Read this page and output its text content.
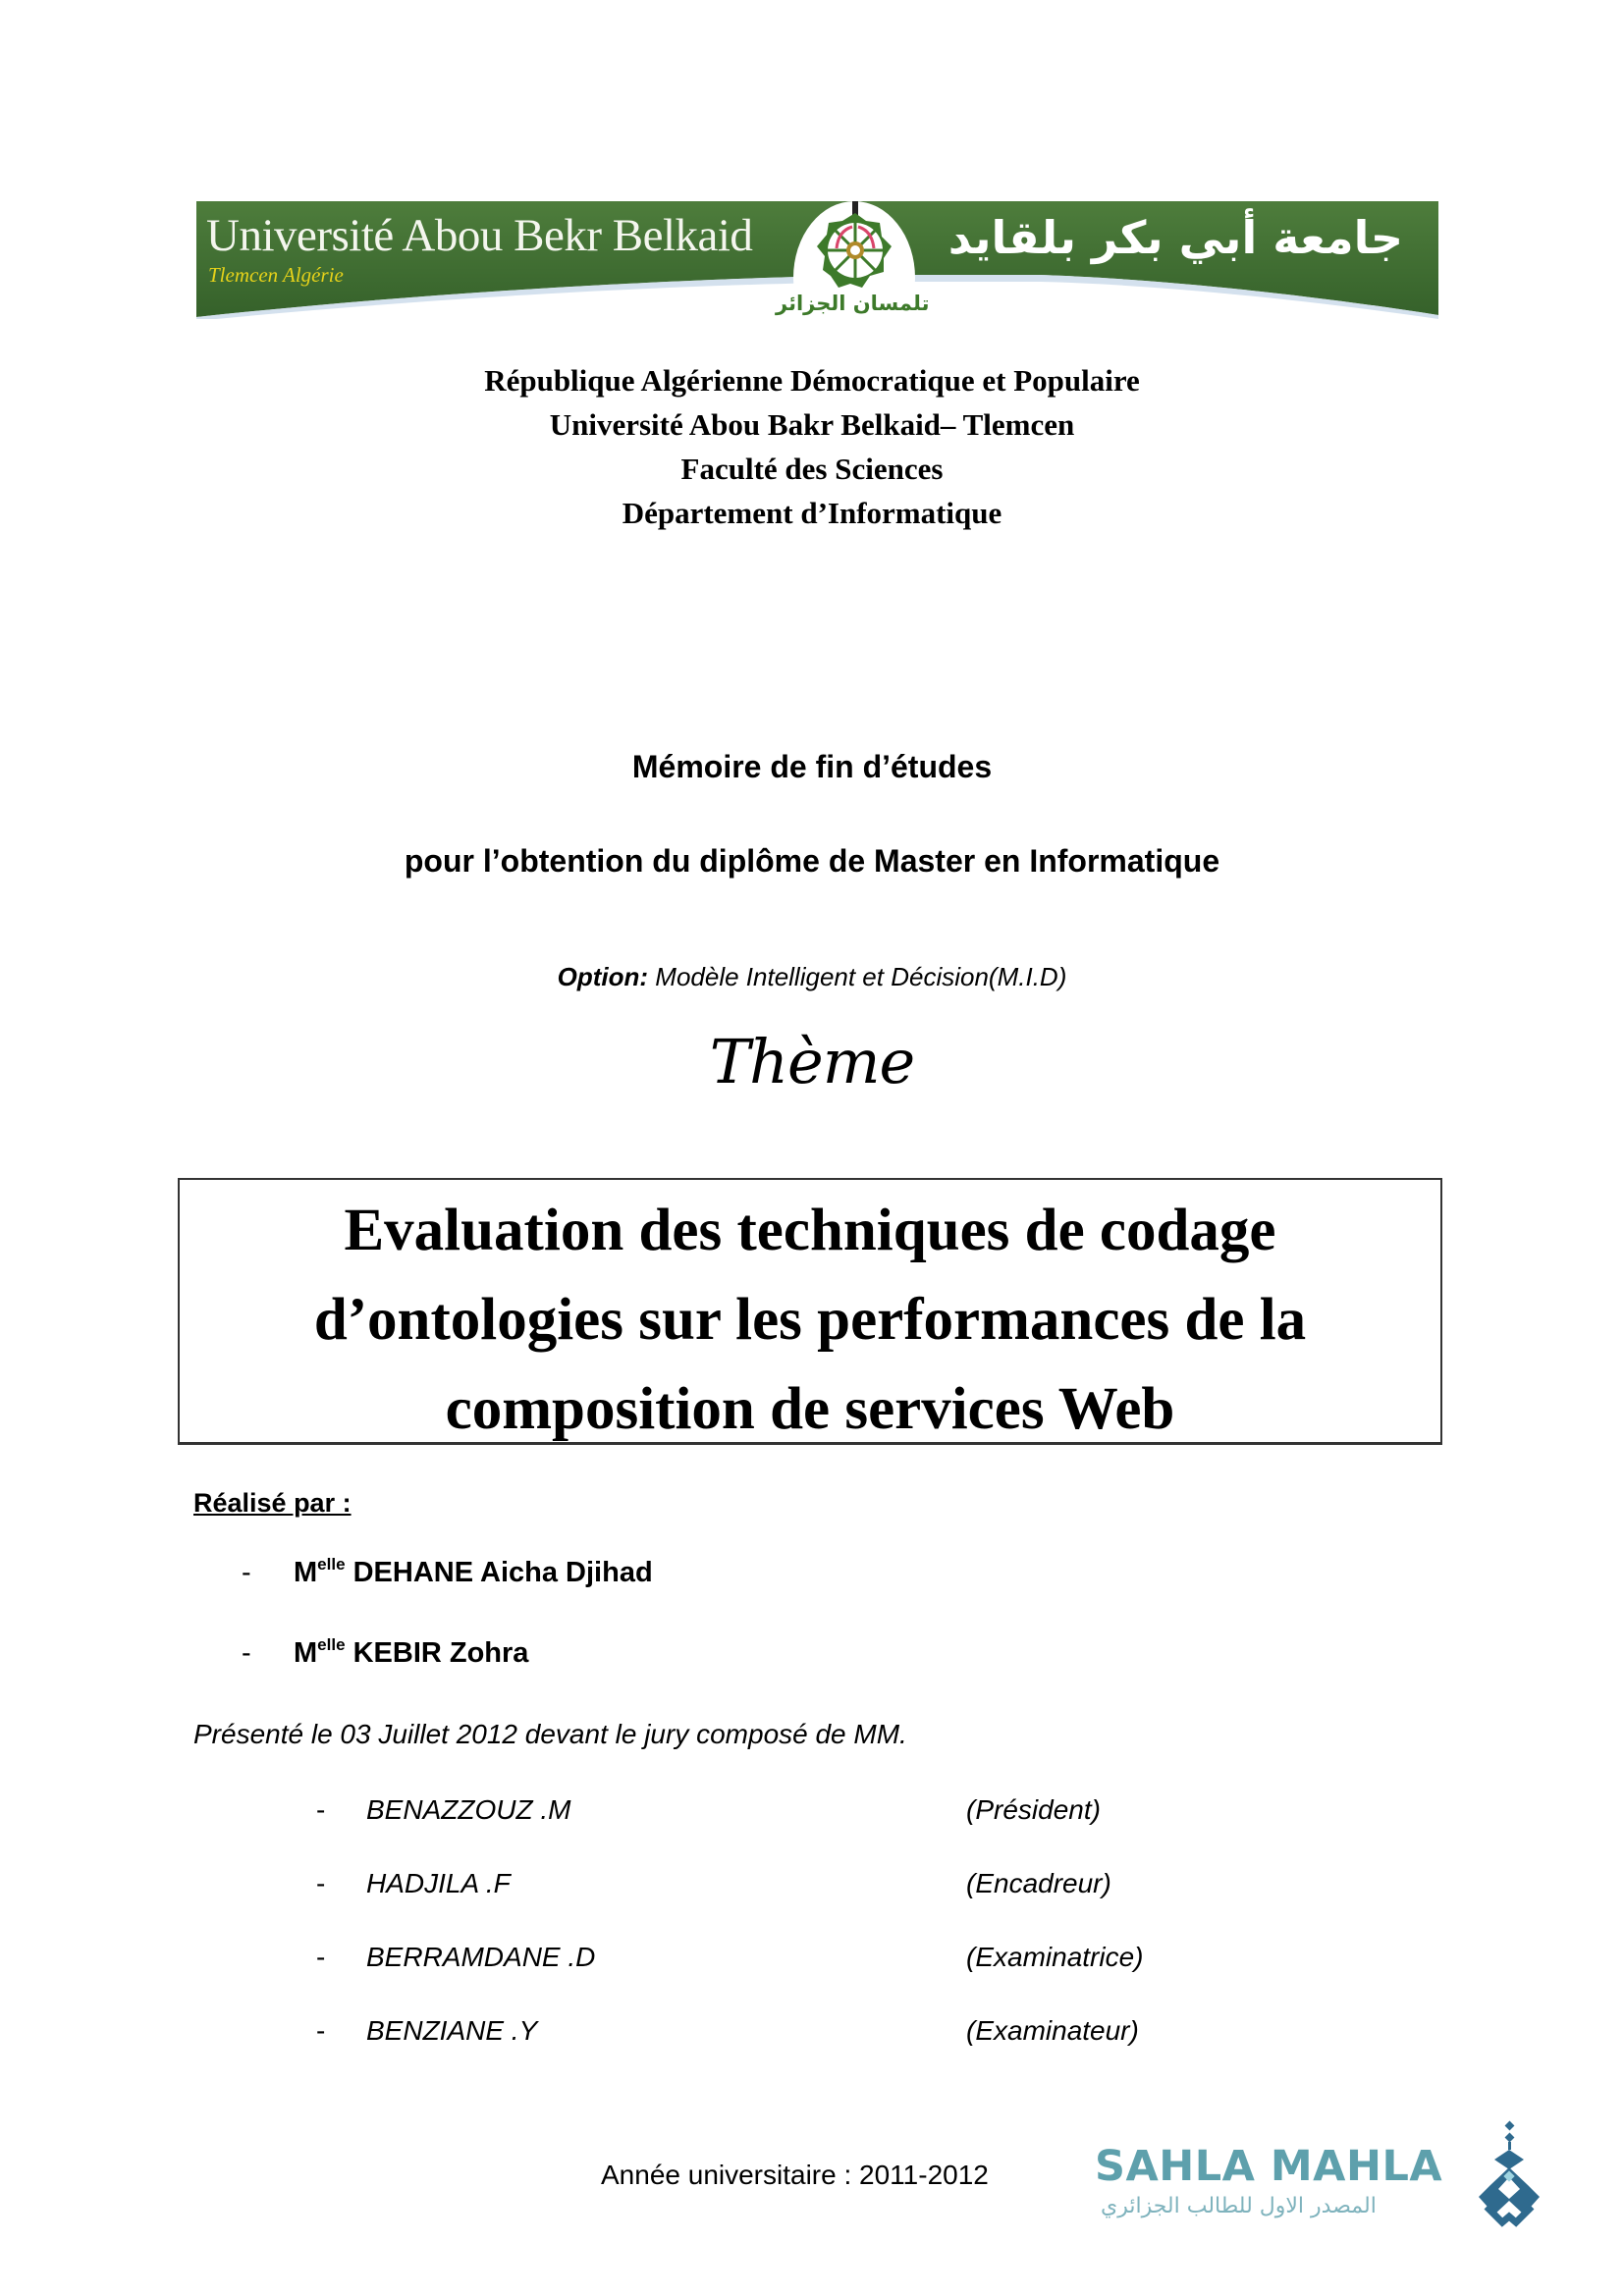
Université Abou Bekr Belkaid
Tlemcen Algérie
جامعة أبي بكر بلقايد
تلمسان الجزائر
République Algérienne Démocratique et Populaire
Université Abou Bakr Belkaid– Tlemcen
Faculté des Sciences
Département d’Informatique
Mémoire de fin d’études
pour l’obtention du diplôme de Master en Informatique
Option: Modèle Intelligent et Décision(M.I.D)
Thème
Evaluation des techniques de codage
d’ontologies sur les performances de la
composition de services Web
Réalisé par :
- $M^{elle}$ DEHANE Aicha Djihad
- $M^{elle}$ KEBIR Zohra
Présenté le 03 Juillet 2012 devant le jury composé de MM.
- BENAZZOUZ .M	(Président)
- HADJILA .F	(Encadreur)
- BERRAMDANE .D	(Examinatrice)
- BENZIANE .Y	(Examinateur)
Année universitaire : 2011-2012	SAHLA MAHLA
المصدر الاول للطالب الجزائري
